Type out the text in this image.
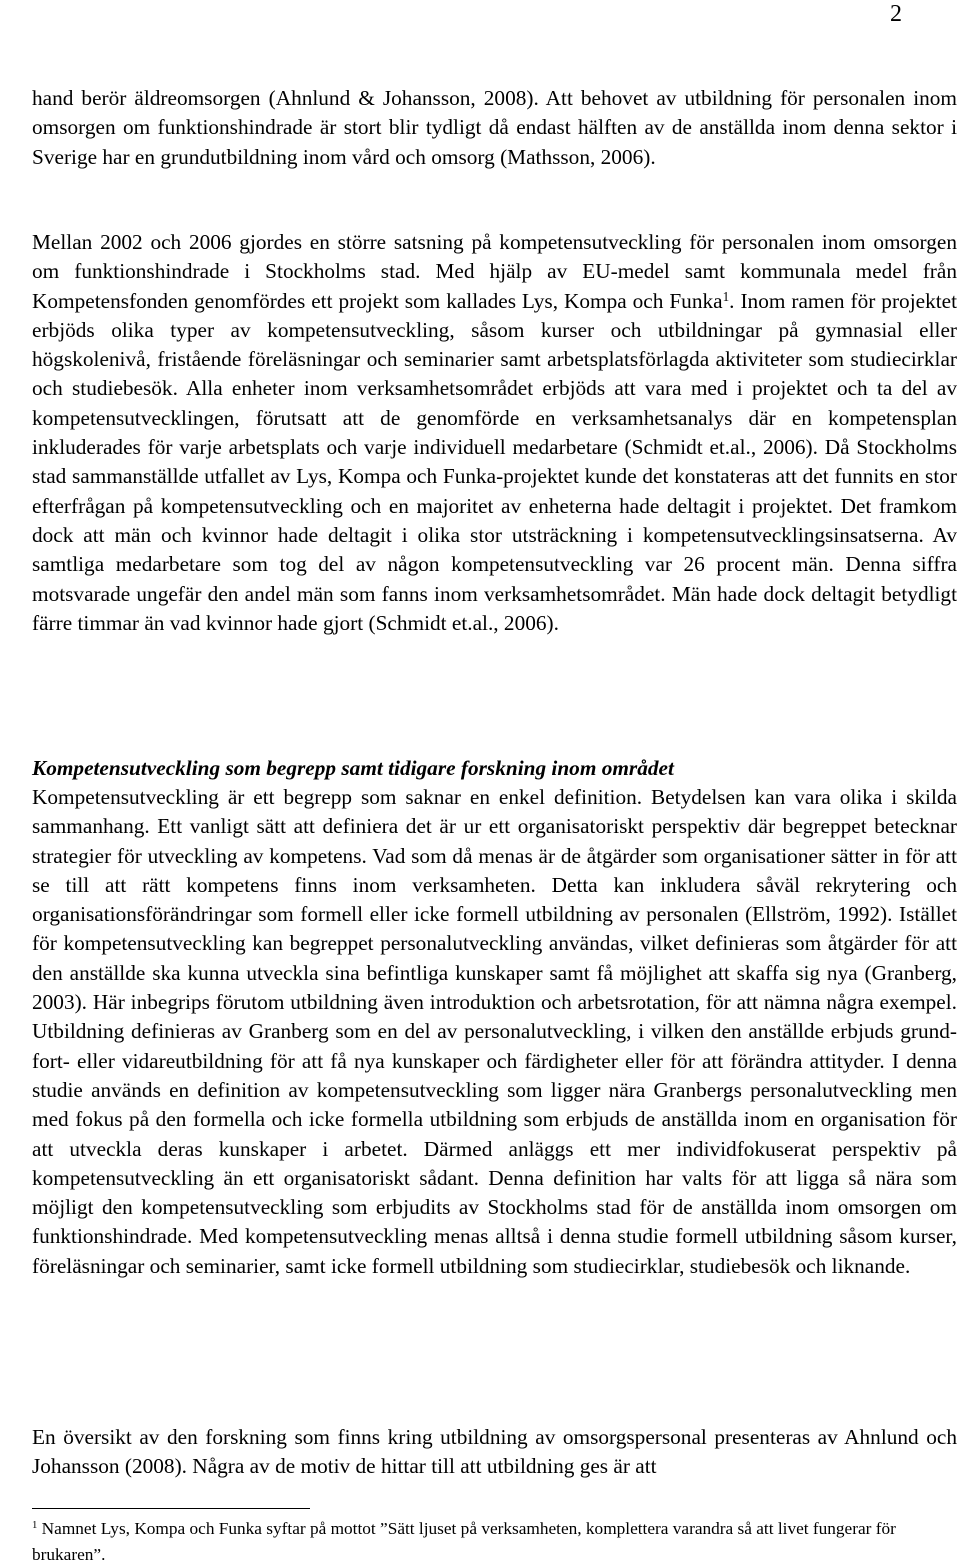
2

hand berör äldreomsorgen (Ahnlund & Johansson, 2008). Att behovet av utbildning för personalen inom omsorgen om funktionshindrade är stort blir tydligt då endast hälften av de anställda inom denna sektor i Sverige har en grundutbildning inom vård och omsorg (Mathsson, 2006).

Mellan 2002 och 2006 gjordes en större satsning på kompetensutveckling för personalen inom omsorgen om funktionshindrade i Stockholms stad. Med hjälp av EU-medel samt kommunala medel från Kompetensfonden genomfördes ett projekt som kallades Lys, Kompa och Funka$^1$. Inom ramen för projektet erbjöds olika typer av kompetensutveckling, såsom kurser och utbildningar på gymnasial eller högskolenivå, fristående föreläsningar och seminarier samt arbetsplatsförlagda aktiviteter som studiecirklar och studiebesök. Alla enheter inom verksamhetsområdet erbjöds att vara med i projektet och ta del av kompetensutvecklingen, förutsatt att de genomförde en verksamhetsanalys där en kompetensplan inkluderades för varje arbetsplats och varje individuell medarbetare (Schmidt et.al., 2006). Då Stockholms stad sammanställde utfallet av Lys, Kompa och Funka-projektet kunde det konstateras att det funnits en stor efterfrågan på kompetensutveckling och en majoritet av enheterna hade deltagit i projektet. Det framkom dock att män och kvinnor hade deltagit i olika stor utsträckning i kompetensutvecklingsinsatserna. Av samtliga medarbetare som tog del av någon kompetensutveckling var 26 procent män. Denna siffra motsvarade ungefär den andel män som fanns inom verksamhetsområdet. Män hade dock deltagit betydligt färre timmar än vad kvinnor hade gjort (Schmidt et.al., 2006).

Kompetensutveckling som begrepp samt tidigare forskning inom området

Kompetensutveckling är ett begrepp som saknar en enkel definition. Betydelsen kan vara olika i skilda sammanhang. Ett vanligt sätt att definiera det är ur ett organisatoriskt perspektiv där begreppet betecknar strategier för utveckling av kompetens. Vad som då menas är de åtgärder som organisationer sätter in för att se till att rätt kompetens finns inom verksamheten. Detta kan inkludera såväl rekrytering och organisationsförändringar som formell eller icke formell utbildning av personalen (Ellström, 1992). Istället för kompetensutveckling kan begreppet personalutveckling användas, vilket definieras som åtgärder för att den anställde ska kunna utveckla sina befintliga kunskaper samt få möjlighet att skaffa sig nya (Granberg, 2003). Här inbegrips förutom utbildning även introduktion och arbetsrotation, för att nämna några exempel. Utbildning definieras av Granberg som en del av personalutveckling, i vilken den anställde erbjuds grund- fort- eller vidareutbildning för att få nya kunskaper och färdigheter eller för att förändra attityder. I denna studie används en definition av kompetensutveckling som ligger nära Granbergs personalutveckling men med fokus på den formella och icke formella utbildning som erbjuds de anställda inom en organisation för att utveckla deras kunskaper i arbetet. Därmed anläggs ett mer individfokuserat perspektiv på kompetensutveckling än ett organisatoriskt sådant. Denna definition har valts för att ligga så nära som möjligt den kompetensutveckling som erbjudits av Stockholms stad för de anställda inom omsorgen om funktionshindrade. Med kompetensutveckling menas alltså i denna studie formell utbildning såsom kurser, föreläsningar och seminarier, samt icke formell utbildning som studiecirklar, studiebesök och liknande.

En översikt av den forskning som finns kring utbildning av omsorgspersonal presenteras av Ahnlund och Johansson (2008). Några av de motiv de hittar till att utbildning ges är att

$^1$ Namnet Lys, Kompa och Funka syftar på mottot ”Sätt ljuset på verksamheten, komplettera varandra så att livet fungerar för brukaren”.
